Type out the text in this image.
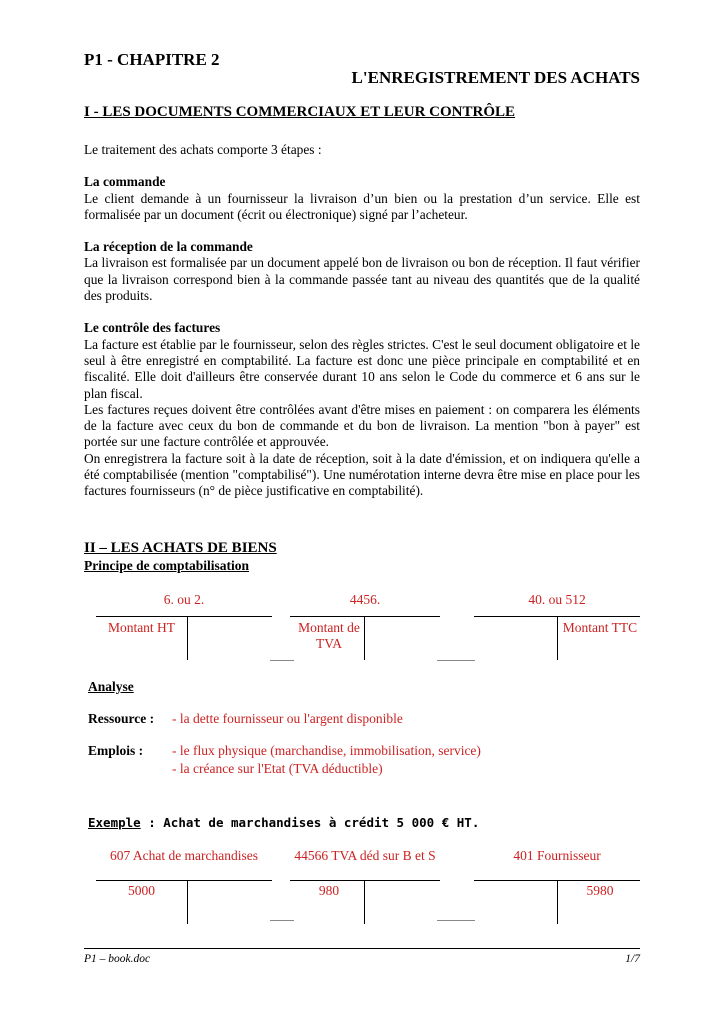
P1 - CHAPITRE 2
L'ENREGISTREMENT DES ACHATS
I - LES DOCUMENTS COMMERCIAUX ET LEUR CONTRÔLE

Le traitement des achats comporte 3 étapes :

La commande

Le client demande à un fournisseur la livraison d’un bien ou la prestation d’un service. Elle est formalisée par un document (écrit ou électronique) signé par l’acheteur.

La réception de la commande

La livraison est formalisée par un document appelé bon de livraison ou bon de réception. Il faut vérifier que la livraison correspond bien à la commande passée tant au niveau des quantités que de la qualité des produits.

Le contrôle des factures

La facture est établie par le fournisseur, selon des règles strictes. C'est le seul document obligatoire et le seul à être enregistré en comptabilité. La facture est donc une pièce principale en comptabilité et en fiscalité. Elle doit d'ailleurs être conservée durant 10 ans selon le Code du commerce et 6 ans sur le plan fiscal.

Les factures reçues doivent être contrôlées avant d'être mises en paiement : on comparera les éléments de la facture avec ceux du bon de commande et du bon de livraison. La mention "bon à payer" est portée sur une facture contrôlée et approuvée.

On enregistrera la facture soit à la date de réception, soit à la date d'émission, et on indiquera qu'elle a été comptabilisée (mention "comptabilisé"). Une numérotation interne devra être mise en place pour les factures fournisseurs (n° de pièce justificative en comptabilité).

II – LES ACHATS DE BIENS
Principe de comptabilisation
6. ou 2.
Montant HT
4456.
Montant de TVA
40. ou 512
Montant TTC
Analyse
Ressource : - la dette fournisseur ou l'argent disponible
Emplois : - le flux physique (marchandise, immobilisation, service)
- la créance sur l'Etat (TVA déductible)
Exemple : Achat de marchandises à crédit 5 000 € HT.
607 Achat de marchandises
5000
44566 TVA déd sur B et S
980
401 Fournisseur
5980
P1 – book.doc	1/7
